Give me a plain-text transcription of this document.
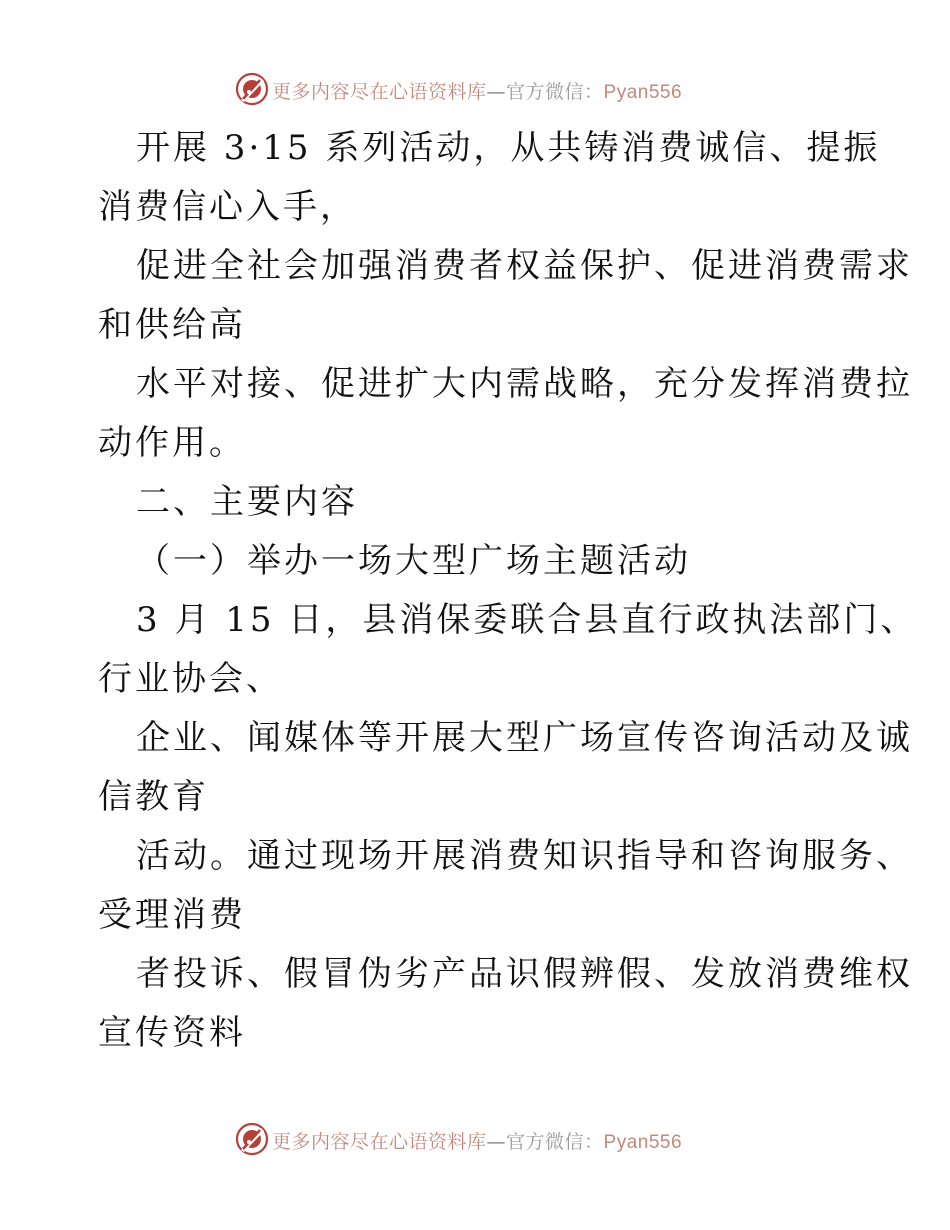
更多内容尽在心语资料库—官方微信：Pyan556
开展 3·15 系列活动，从共铸消费诚信、提振
消费信心入手，
促进全社会加强消费者权益保护、促进消费需求
和供给高
水平对接、促进扩大内需战略，充分发挥消费拉
动作用。
二、主要内容
（一）举办一场大型广场主题活动
3 月 15 日，县消保委联合县直行政执法部门、
行业协会、
企业、闻媒体等开展大型广场宣传咨询活动及诚
信教育
活动。通过现场开展消费知识指导和咨询服务、
受理消费
者投诉、假冒伪劣产品识假辨假、发放消费维权
宣传资料
更多内容尽在心语资料库—官方微信：Pyan556
